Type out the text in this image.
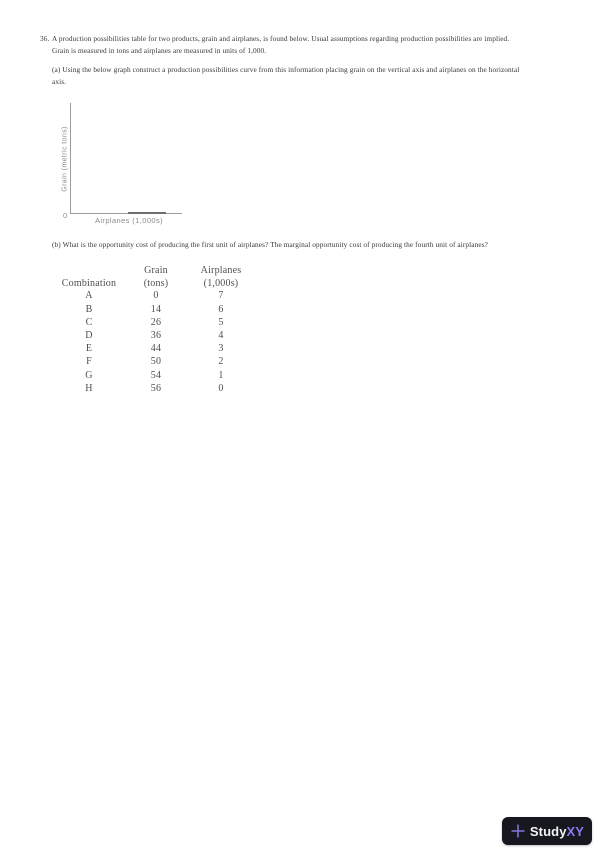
36. A production possibilities table for two products, grain and airplanes, is found below. Usual assumptions regarding production possibilities are implied.
Grain is measured in tons and airplanes are measured in units of 1,000.
(a) Using the below graph construct a production possibilities curve from this information placing grain on the vertical axis and airplanes on the horizontal
axis.
Grain (metric tons)
0
Airplanes (1,000s)
(b) What is the opportunity cost of producing the first unit of airplanes? The marginal opportunity cost of producing the fourth unit of airplanes?
Grain	Airplanes
Combination	(tons)	(1,000s)
A	0	7
B	14	6
C	26	5
D	36	4
E	44	3
F	50	2
G	54	1
H	56	0
StudyXY
